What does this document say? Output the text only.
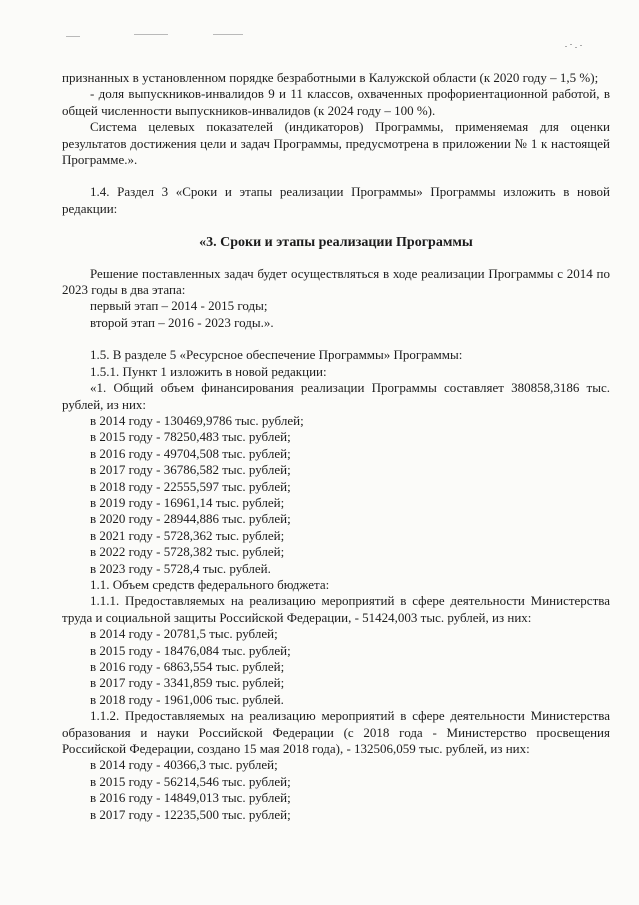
признанных в установленном порядке безработными в Калужской области (к 2020 году – 1,5 %);

- доля выпускников-инвалидов 9 и 11 классов, охваченных профориентационной работой, в общей численности выпускников-инвалидов (к 2024 году – 100 %).

Система целевых показателей (индикаторов) Программы, применяемая для оценки результатов достижения цели и задач Программы, предусмотрена в приложении № 1 к настоящей Программе.».

1.4. Раздел 3 «Сроки и этапы реализации Программы» Программы изложить в новой редакции:

«3. Сроки и этапы реализации Программы

Решение поставленных задач будет осуществляться в ходе реализации Программы с 2014 по 2023 годы в два этапа:

первый этап – 2014 - 2015 годы;

второй этап – 2016 - 2023 годы.».

1.5. В разделе 5 «Ресурсное обеспечение Программы» Программы:

1.5.1. Пункт 1 изложить в новой редакции:

«1. Общий объем финансирования реализации Программы составляет 380858,3186 тыс. рублей, из них:

в 2014 году - 130469,9786 тыс. рублей;

в 2015 году - 78250,483 тыс. рублей;

в 2016 году - 49704,508 тыс. рублей;

в 2017 году - 36786,582 тыс. рублей;

в 2018 году - 22555,597 тыс. рублей;

в 2019 году - 16961,14 тыс. рублей;

в 2020 году - 28944,886 тыс. рублей;

в 2021 году - 5728,362 тыс. рублей;

в 2022 году - 5728,382 тыс. рублей;

в 2023 году - 5728,4 тыс. рублей.

1.1. Объем средств федерального бюджета:

1.1.1. Предоставляемых на реализацию мероприятий в сфере деятельности Министерства труда и социальной защиты Российской Федерации, - 51424,003 тыс. рублей, из них:

в 2014 году - 20781,5 тыс. рублей;

в 2015 году - 18476,084 тыс. рублей;

в 2016 году - 6863,554 тыс. рублей;

в 2017 году - 3341,859 тыс. рублей;

в 2018 году - 1961,006 тыс. рублей.

1.1.2. Предоставляемых на реализацию мероприятий в сфере деятельности Министерства образования и науки Российской Федерации (с 2018 года - Министерство просвещения Российской Федерации, создано 15 мая 2018 года), - 132506,059 тыс. рублей, из них:

в 2014 году - 40366,3 тыс. рублей;

в 2015 году - 56214,546 тыс. рублей;

в 2016 году - 14849,013 тыс. рублей;

в 2017 году - 12235,500 тыс. рублей;
